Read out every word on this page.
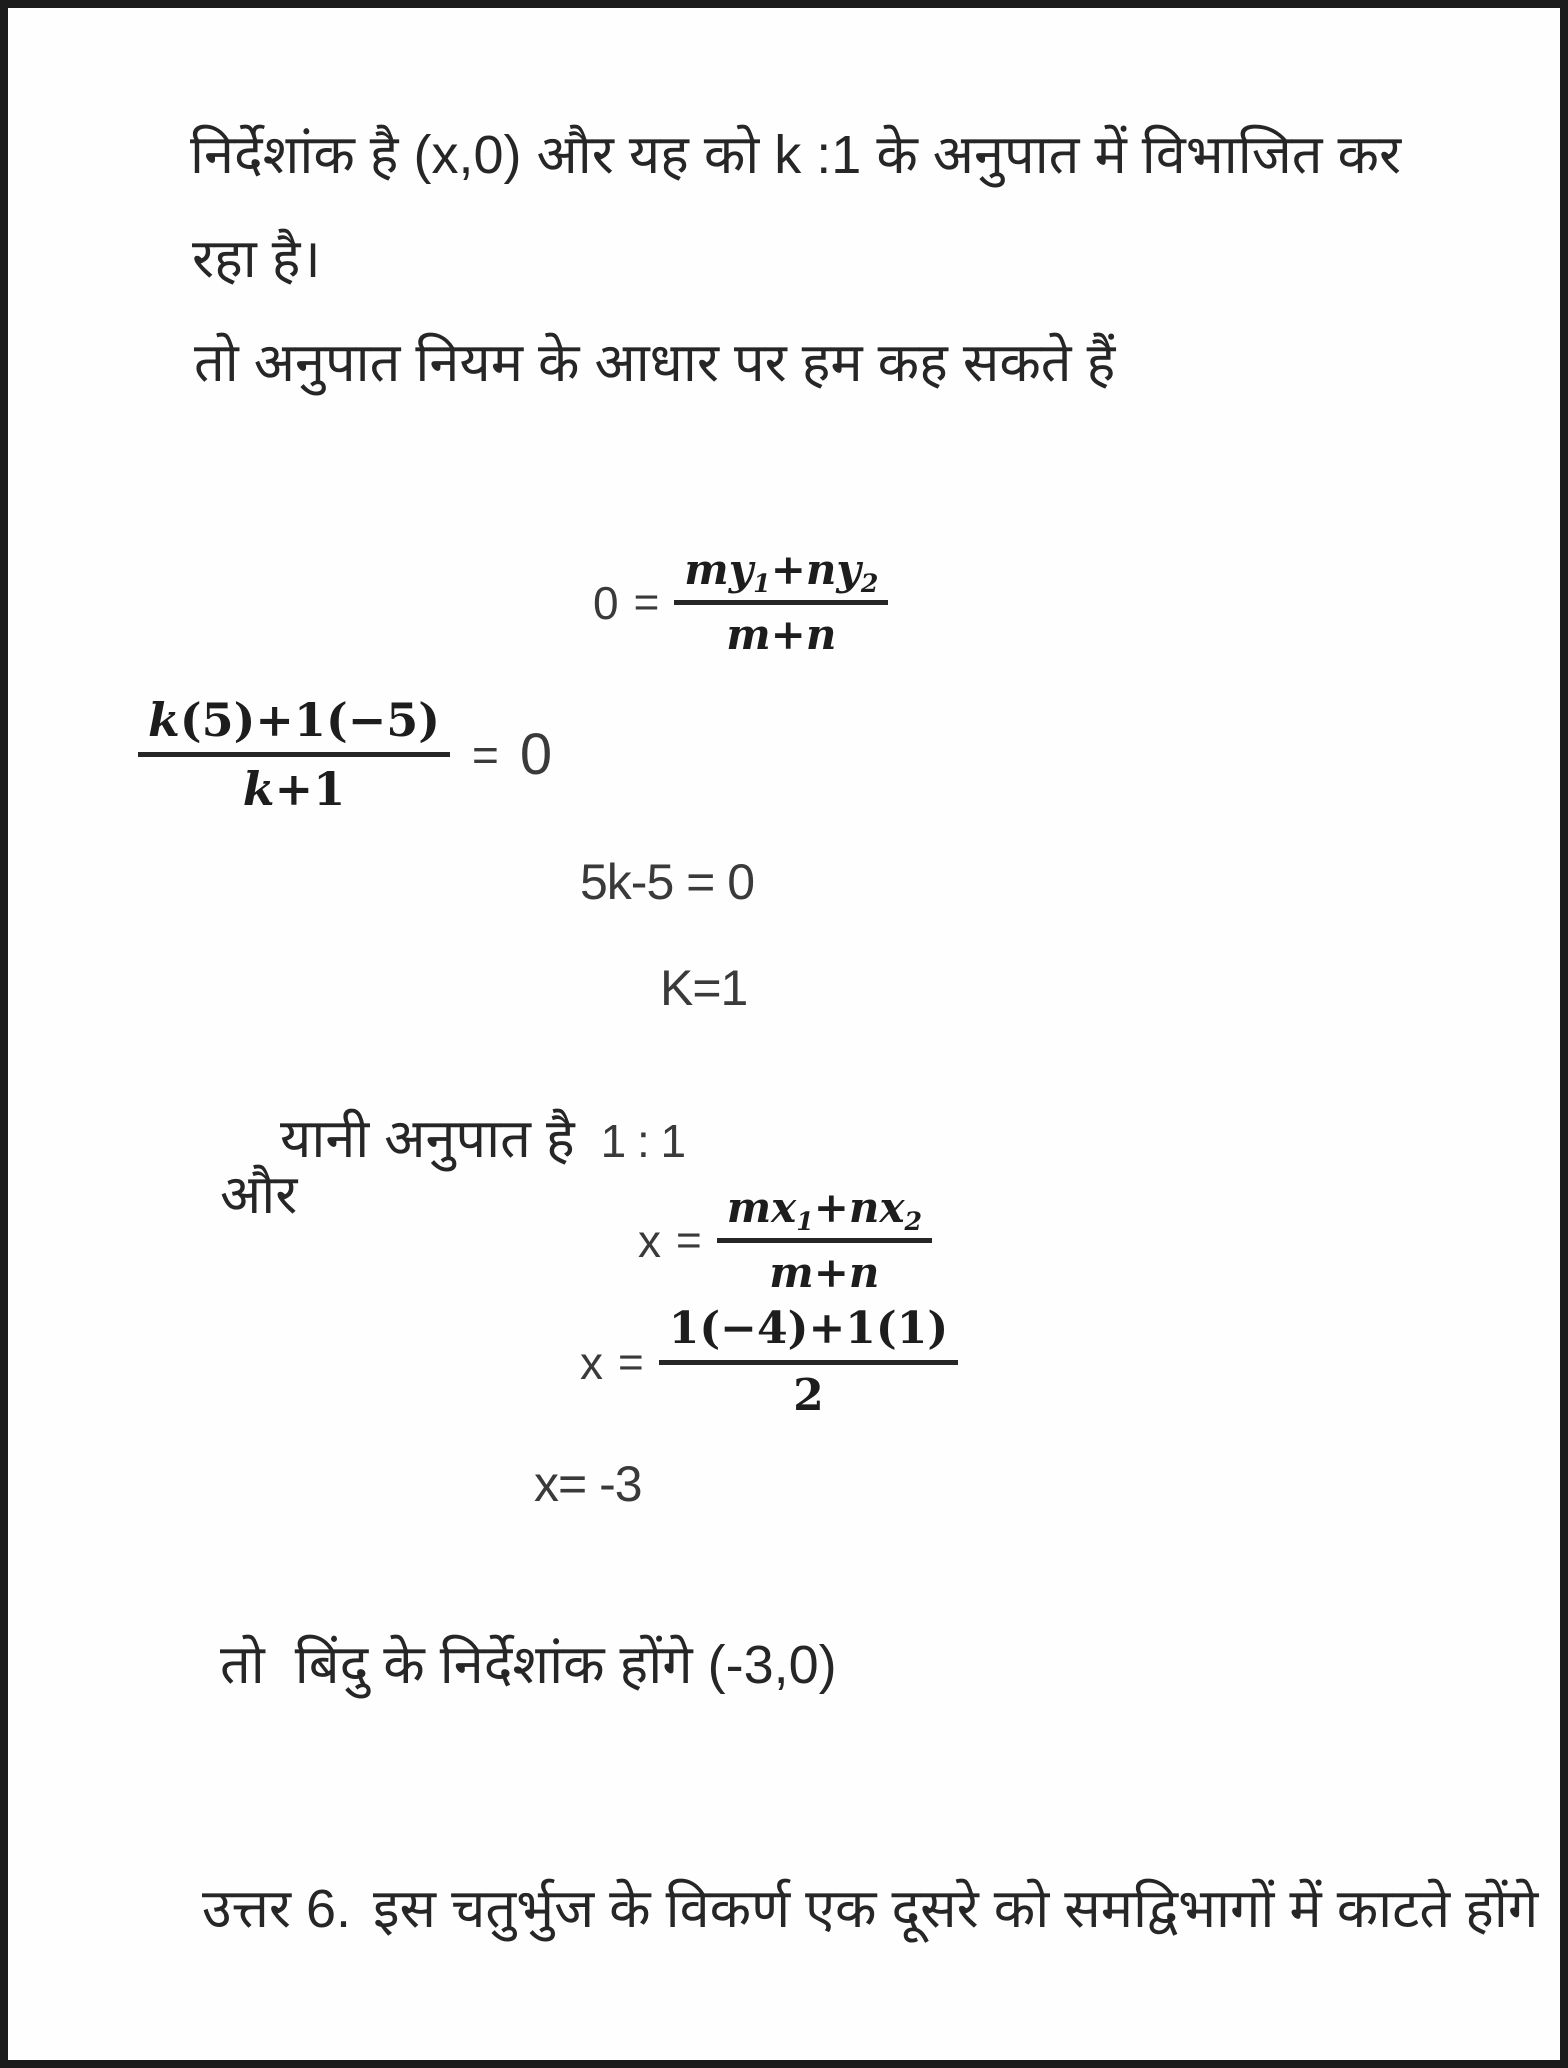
निर्देशांक है (x,0) और यह को k :1 के अनुपात में विभाजित कर

रहा है।

तो अनुपात नियम के आधार पर हम कह सकते हैं

$0 = \frac{my1+ny2}{m+n}$
$\frac{k(5)+1(-5)}{k+1} = 0$

5k-5 = 0

K=1

यानी अनुपात है 1 : 1

और

$x = \frac{mx1+nx2}{m+n}$
$x = \frac{1(-4)+1(1)}{2}$

x= -3

तो  बिंदु के निर्देशांक होंगे (-3,0)

उत्तर 6. इस चतुर्भुज के विकर्ण एक दूसरे को समद्विभागों में काटते होंगे
